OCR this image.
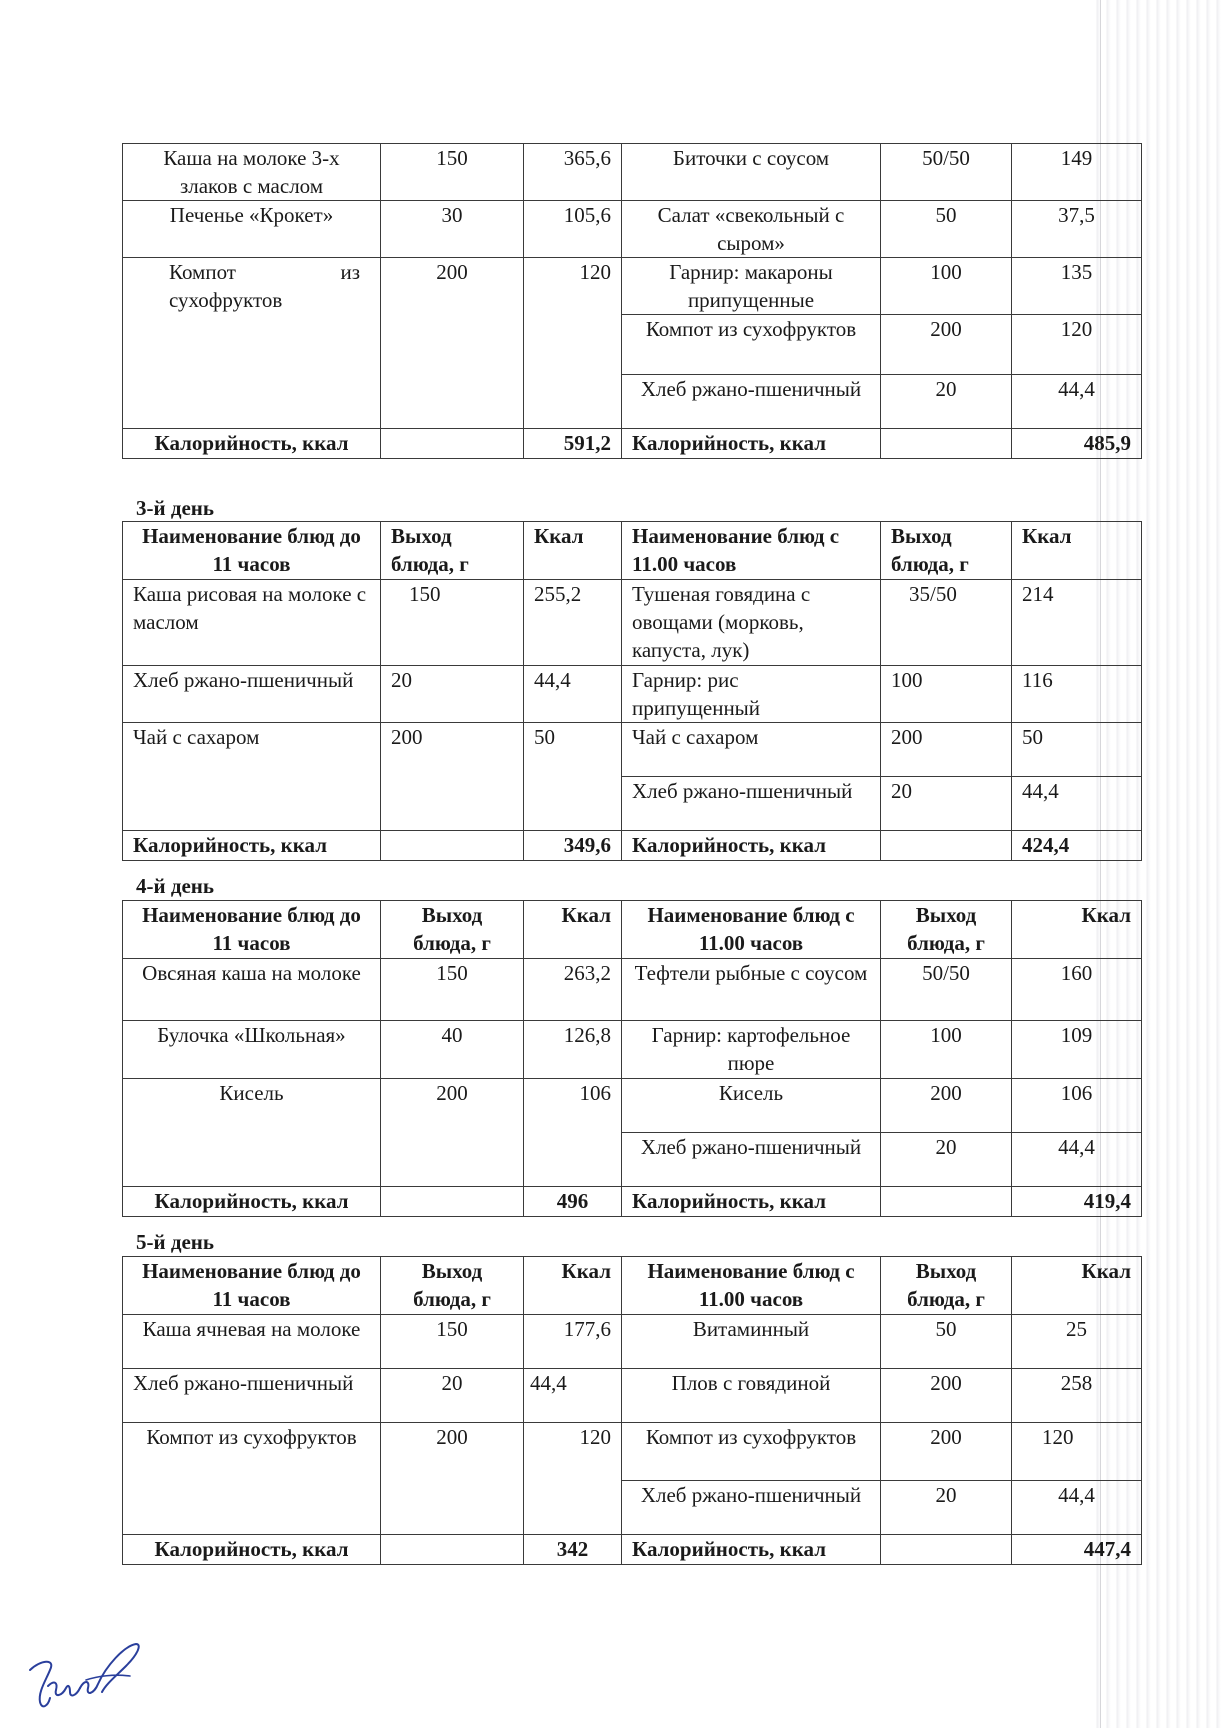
Каша на молоке 3-х злаков с маслом	150	365,6	Биточки с соусом	50/50	149
Печенье «Крокет»	30	105,6	Салат «свекольный с сыром»	50	37,5
Компот из сухофруктов	200	120	Гарнир: макароны припущенные	100	135
			Компот из сухофруктов	200	120
			Хлеб ржано-пшеничный	20	44,4
Калорийность, ккал		591,2	Калорийность, ккал		485,9
3-й день
Наименование блюд до 11 часов	Выход блюда, г	Ккал	Наименование блюд с 11.00 часов	Выход блюда, г	Ккал
Каша рисовая на молоке с маслом	150	255,2	Тушеная говядина с овощами (морковь, капуста, лук)	35/50	214
Хлеб ржано-пшеничный	20	44,4	Гарнир: рис припущенный	100	116
Чай с сахаром	200	50	Чай с сахаром	200	50
			Хлеб ржано-пшеничный	20	44,4
Калорийность, ккал		349,6	Калорийность, ккал		424,4
4-й день
Наименование блюд до 11 часов	Выход блюда, г	Ккал	Наименование блюд с 11.00 часов	Выход блюда, г	Ккал
Овсяная каша на молоке	150	263,2	Тефтели рыбные с соусом	50/50	160
Булочка «Школьная»	40	126,8	Гарнир: картофельное пюре	100	109
Кисель	200	106	Кисель	200	106
			Хлеб ржано-пшеничный	20	44,4
Калорийность, ккал		496	Калорийность, ккал		419,4
5-й день
Наименование блюд до 11 часов	Выход блюда, г	Ккал	Наименование блюд с 11.00 часов	Выход блюда, г	Ккал
Каша ячневая на молоке	150	177,6	Витаминный	50	25
Хлеб ржано-пшеничный	20	44,4	Плов с говядиной	200	258
Компот из сухофруктов	200	120	Компот из сухофруктов	200	120
			Хлеб ржано-пшеничный	20	44,4
Калорийность, ккал		342	Калорийность, ккал		447,4
